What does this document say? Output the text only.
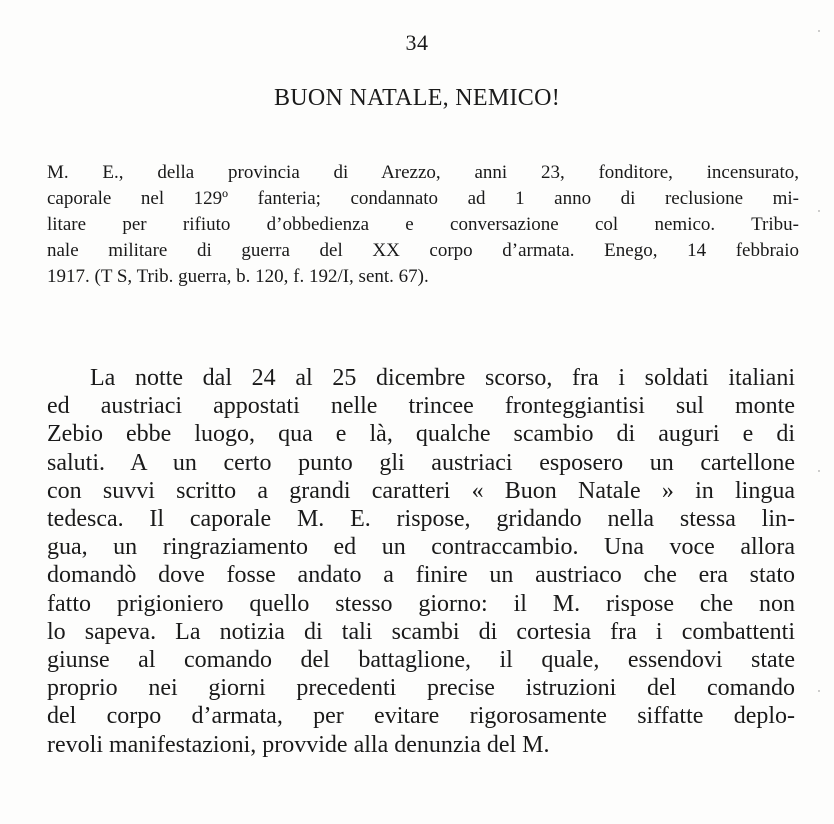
34
BUON NATALE, NEMICO!
M. E., della provincia di Arezzo, anni 23, fonditore, incensurato,
caporale nel 129º fanteria; condannato ad 1 anno di reclusione mi-
litare per rifiuto d’obbedienza e conversazione col nemico. Tribu-
nale militare di guerra del XX corpo d’armata. Enego, 14 febbraio
1917. (T S, Trib. guerra, b. 120, f. 192/I, sent. 67).
La notte dal 24 al 25 dicembre scorso, fra i soldati italiani
ed austriaci appostati nelle trincee fronteggiantisi sul monte
Zebio ebbe luogo, qua e là, qualche scambio di auguri e di
saluti. A un certo punto gli austriaci esposero un cartellone
con suvvi scritto a grandi caratteri « Buon Natale » in lingua
tedesca. Il caporale M. E. rispose, gridando nella stessa lin-
gua, un ringraziamento ed un contraccambio. Una voce allora
domandò dove fosse andato a finire un austriaco che era stato
fatto prigioniero quello stesso giorno: il M. rispose che non
lo sapeva. La notizia di tali scambi di cortesia fra i combattenti
giunse al comando del battaglione, il quale, essendovi state
proprio nei giorni precedenti precise istruzioni del comando
del corpo d’armata, per evitare rigorosamente siffatte deplo-
revoli manifestazioni, provvide alla denunzia del M.
